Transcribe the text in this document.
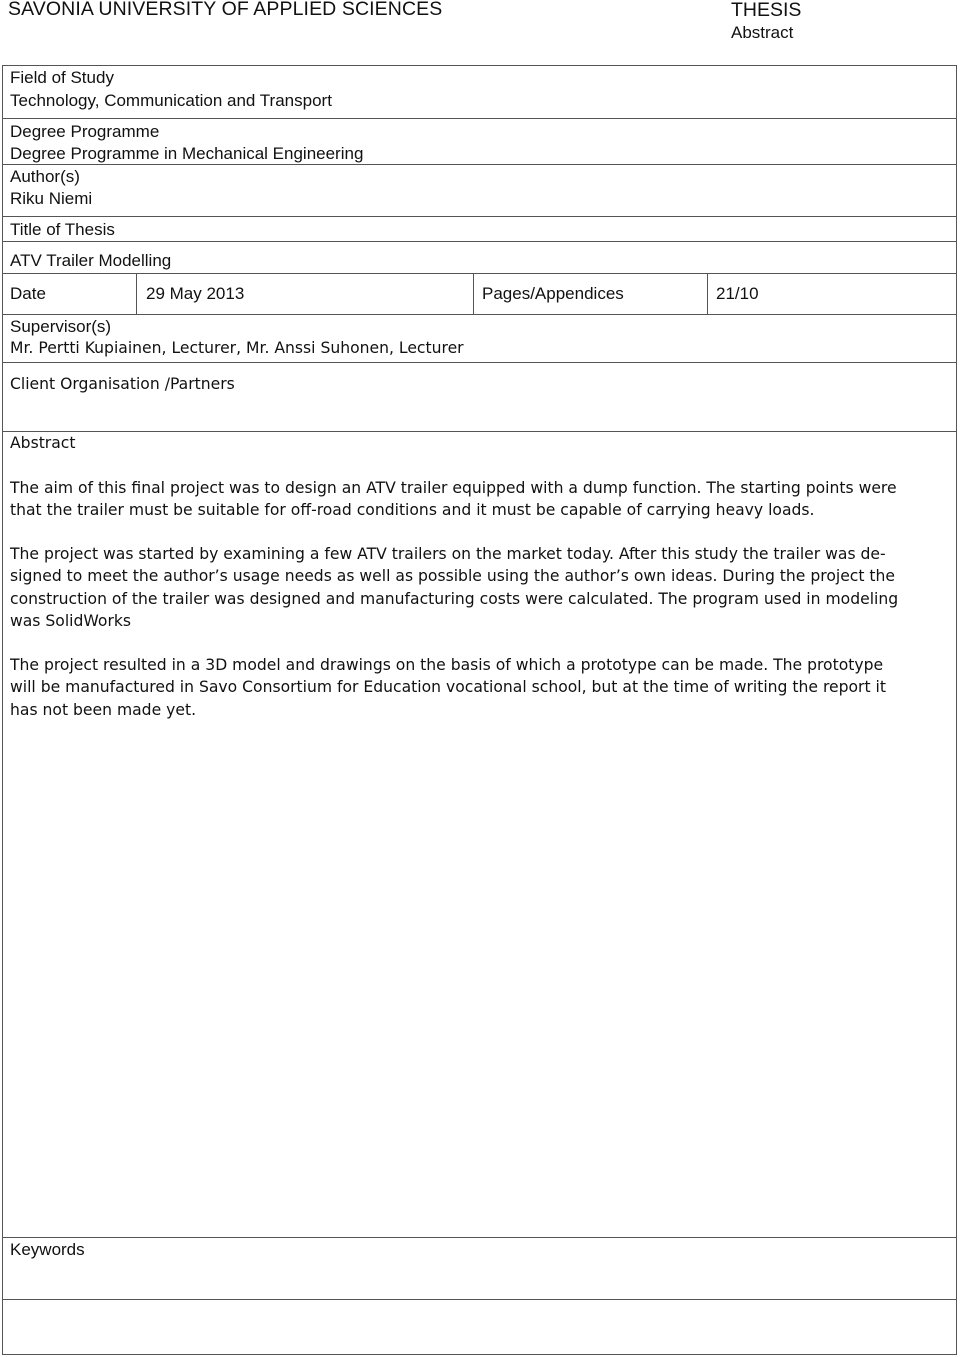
SAVONIA UNIVERSITY OF APPLIED SCIENCES	THESIS
Abstract
Field of Study
Technology, Communication and Transport
Degree Programme
Degree Programme in Mechanical Engineering
Author(s)
Riku Niemi
Title of Thesis
ATV Trailer Modelling
Date	29 May 2013	Pages/Appendices	21/10
Supervisor(s)
Mr. Pertti Kupiainen, Lecturer, Mr. Anssi Suhonen, Lecturer
Client Organisation /Partners
Abstract
The aim of this final project was to design an ATV trailer equipped with a dump function. The starting points were
that the trailer must be suitable for off-road conditions and it must be capable of carrying heavy loads.
The project was started by examining a few ATV trailers on the market today. After this study the trailer was de-
signed to meet the author’s usage needs as well as possible using the author’s own ideas. During the project the
construction of the trailer was designed and manufacturing costs were calculated. The program used in modeling
was SolidWorks
The project resulted in a 3D model and drawings on the basis of which a prototype can be made. The prototype
will be manufactured in Savo Consortium for Education vocational school, but at the time of writing the report it
has not been made yet.
Keywords
